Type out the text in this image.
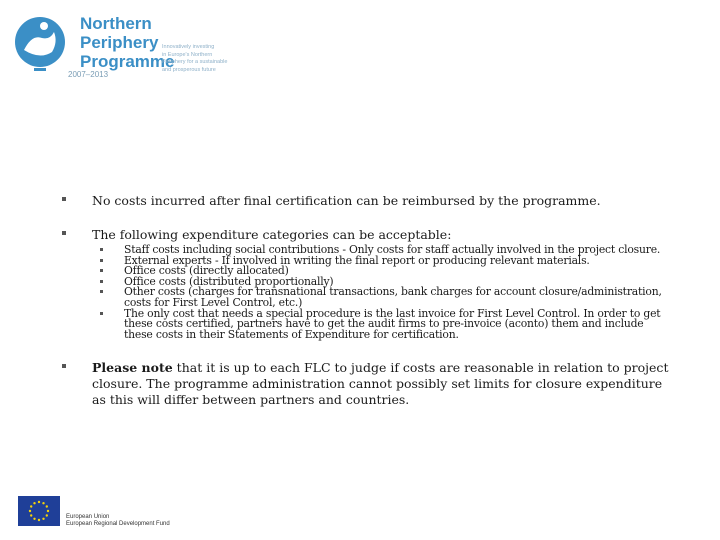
Northern
Periphery
Programme
2007–2013
Innovatively investing
in Europe's Northern
Periphery for a sustainable
and prosperous future
No costs incurred after final certification can be reimbursed by the programme.
The following expenditure categories can be acceptable:
Staff costs including social contributions - Only costs for staff actually involved in the project closure.
External experts - If involved in writing the final report or producing relevant materials.
Office costs (directly allocated)
Office costs (distributed proportionally)
Other costs (charges for transnational transactions, bank charges for account closure/administration, costs for First Level Control, etc.)
The only cost that needs a special procedure is the last invoice for First Level Control. In order to get these costs certified, partners have to get the audit firms to pre-invoice (aconto) them and include these costs in their Statements of Expenditure for certification.
Please note that it is up to each FLC to judge if costs are reasonable in relation to project closure. The programme administration cannot possibly set limits for closure expenditure as this will differ between partners and countries.
European Union
European Regional Development Fund
